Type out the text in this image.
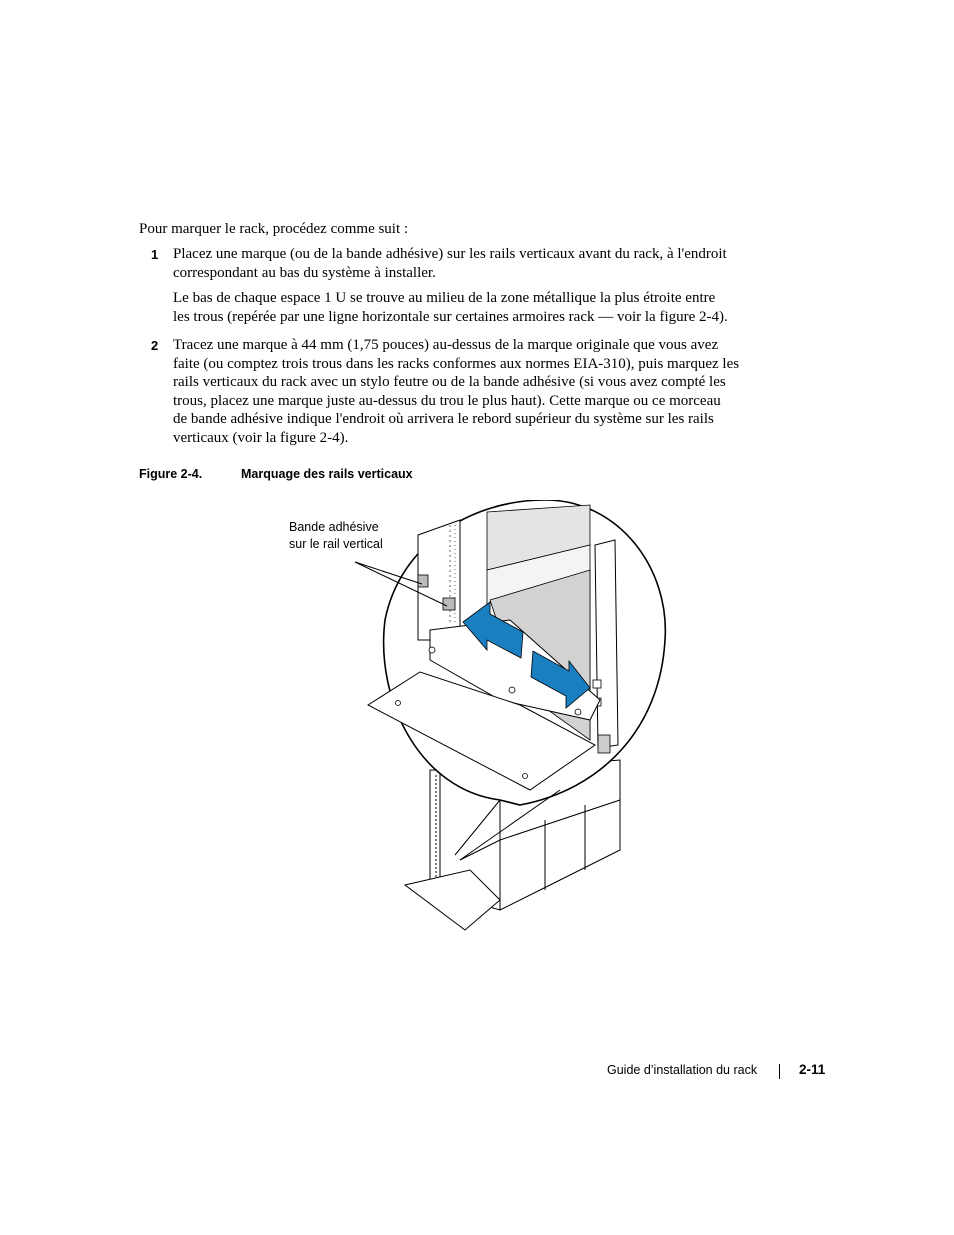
Pour marquer le rack, procédez comme suit :
1 Placez une marque (ou de la bande adhésive) sur les rails verticaux avant du rack, à l'endroit
correspondant au bas du système à installer.
Le bas de chaque espace 1 U se trouve au milieu de la zone métallique la plus étroite entre
les trous (repérée par une ligne horizontale sur certaines armoires rack — voir la figure 2-4).
2 Tracez une marque à 44 mm (1,75 pouces) au-dessus de la marque originale que vous avez
faite (ou comptez trois trous dans les racks conformes aux normes EIA-310), puis marquez les
rails verticaux du rack avec un stylo feutre ou de la bande adhésive (si vous avez compté les
trous, placez une marque juste au-dessus du trou le plus haut). Cette marque ou ce morceau
de bande adhésive indique l'endroit où arrivera le rebord supérieur du système sur les rails
verticaux (voir la figure 2-4).
Figure 2-4.	Marquage des rails verticaux
Bande adhésive
sur le rail vertical
Guide d’installation du rack	2-11
